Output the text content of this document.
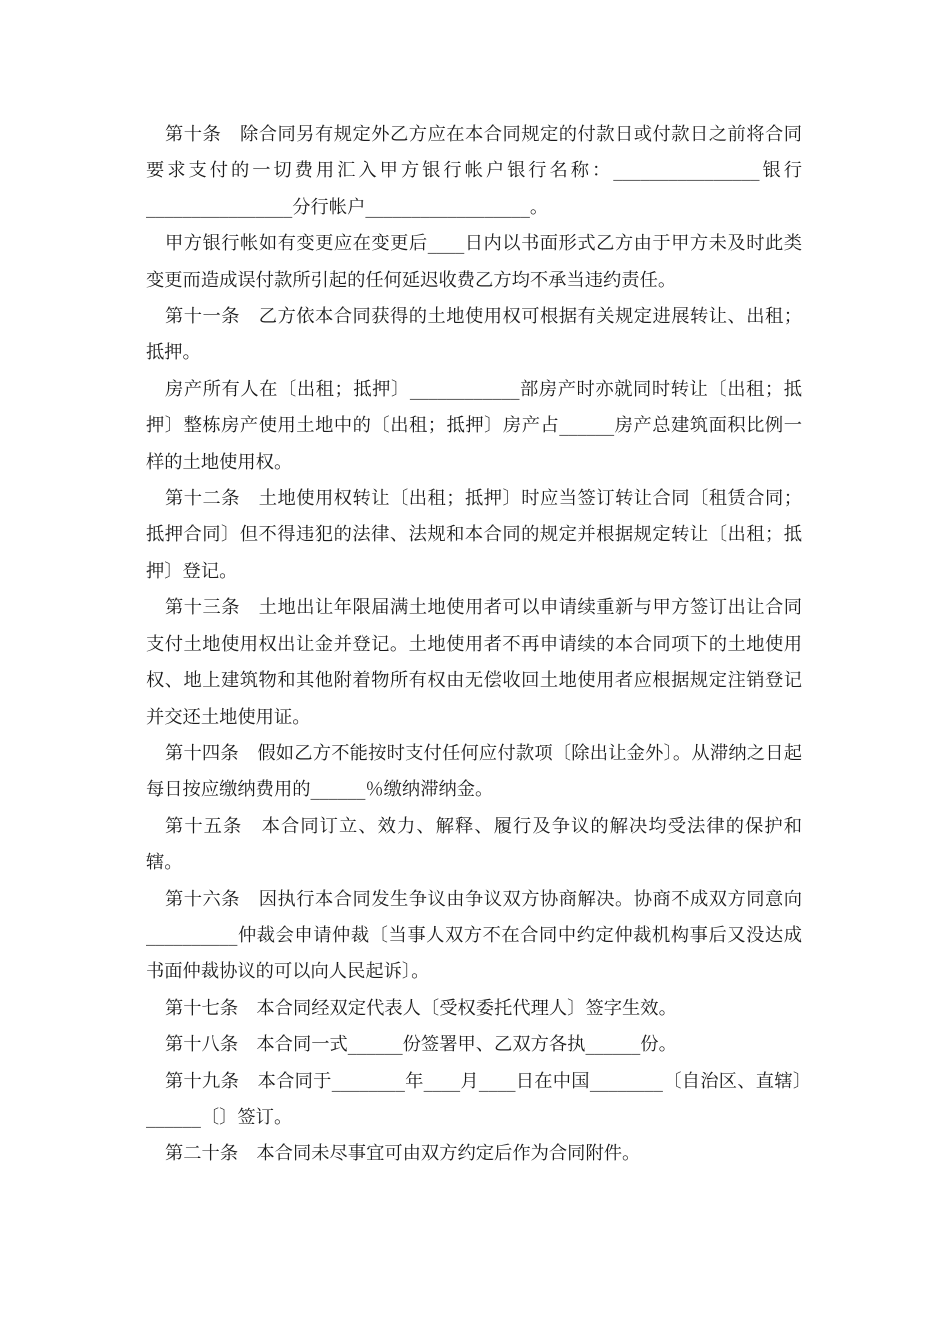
第十条　除合同另有规定外乙方应在本合同规定的付款日或付款日之前将合同要求支付的一切费用汇入甲方银行帐户银行名称：________________银行________________分行帐户__________________。

甲方银行帐如有变更应在变更后____日内以书面形式乙方由于甲方未及时此类变更而造成误付款所引起的任何延迟收费乙方均不承当违约责任。

第十一条　乙方依本合同获得的土地使用权可根据有关规定进展转让、出租；抵押。

房产所有人在〔出租；抵押〕____________部房产时亦就同时转让〔出租；抵押〕整栋房产使用土地中的〔出租；抵押〕房产占______房产总建筑面积比例一样的土地使用权。

第十二条　土地使用权转让〔出租；抵押〕时应当签订转让合同〔租赁合同；抵押合同〕但不得违犯的法律、法规和本合同的规定并根据规定转让〔出租；抵押〕登记。

第十三条　土地出让年限届满土地使用者可以申请续重新与甲方签订出让合同支付土地使用权出让金并登记。土地使用者不再申请续的本合同项下的土地使用权、地上建筑物和其他附着物所有权由无偿收回土地使用者应根据规定注销登记并交还土地使用证。

第十四条　假如乙方不能按时支付任何应付款项〔除出让金外〕。从滞纳之日起每日按应缴纳费用的______％缴纳滞纳金。

第十五条　本合同订立、效力、解释、履行及争议的解决均受法律的保护和辖。

第十六条　因执行本合同发生争议由争议双方协商解决。协商不成双方同意向__________仲裁会申请仲裁〔当事人双方不在合同中约定仲裁机构事后又没达成书面仲裁协议的可以向人民起诉〕。

第十七条　本合同经双定代表人〔受权委托代理人〕签字生效。

第十八条　本合同一式______份签署甲、乙双方各执______份。

第十九条　本合同于________年____月____日在中国________〔自治区、直辖〕______〔〕签订。

第二十条　本合同未尽事宜可由双方约定后作为合同附件。
